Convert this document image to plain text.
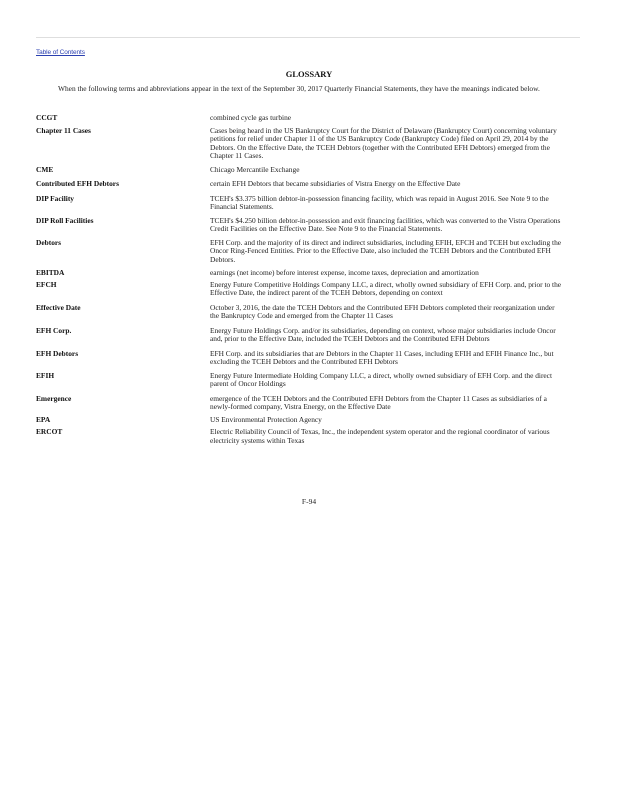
Table of Contents
GLOSSARY
When the following terms and abbreviations appear in the text of the September 30, 2017 Quarterly Financial Statements, they have the meanings indicated below.
CCGT	combined cycle gas turbine
Chapter 11 Cases	Cases being heard in the US Bankruptcy Court for the District of Delaware (Bankruptcy Court) concerning voluntary petitions for relief under Chapter 11 of the US Bankruptcy Code (Bankruptcy Code) filed on April 29, 2014 by the Debtors. On the Effective Date, the TCEH Debtors (together with the Contributed EFH Debtors) emerged from the Chapter 11 Cases.
CME	Chicago Mercantile Exchange
Contributed EFH Debtors	certain EFH Debtors that became subsidiaries of Vistra Energy on the Effective Date
DIP Facility	TCEH's $3.375 billion debtor-in-possession financing facility, which was repaid in August 2016. See Note 9 to the Financial Statements.
DIP Roll Facilities	TCEH's $4.250 billion debtor-in-possession and exit financing facilities, which was converted to the Vistra Operations Credit Facilities on the Effective Date. See Note 9 to the Financial Statements.
Debtors	EFH Corp. and the majority of its direct and indirect subsidiaries, including EFIH, EFCH and TCEH but excluding the Oncor Ring-Fenced Entities. Prior to the Effective Date, also included the TCEH Debtors and the Contributed EFH Debtors.
EBITDA	earnings (net income) before interest expense, income taxes, depreciation and amortization
EFCH	Energy Future Competitive Holdings Company LLC, a direct, wholly owned subsidiary of EFH Corp. and, prior to the Effective Date, the indirect parent of the TCEH Debtors, depending on context
Effective Date	October 3, 2016, the date the TCEH Debtors and the Contributed EFH Debtors completed their reorganization under the Bankruptcy Code and emerged from the Chapter 11 Cases
EFH Corp.	Energy Future Holdings Corp. and/or its subsidiaries, depending on context, whose major subsidiaries include Oncor and, prior to the Effective Date, included the TCEH Debtors and the Contributed EFH Debtors
EFH Debtors	EFH Corp. and its subsidiaries that are Debtors in the Chapter 11 Cases, including EFIH and EFIH Finance Inc., but excluding the TCEH Debtors and the Contributed EFH Debtors
EFIH	Energy Future Intermediate Holding Company LLC, a direct, wholly owned subsidiary of EFH Corp. and the direct parent of Oncor Holdings
Emergence	emergence of the TCEH Debtors and the Contributed EFH Debtors from the Chapter 11 Cases as subsidiaries of a newly-formed company, Vistra Energy, on the Effective Date
EPA	US Environmental Protection Agency
ERCOT	Electric Reliability Council of Texas, Inc., the independent system operator and the regional coordinator of various electricity systems within Texas
F-94
